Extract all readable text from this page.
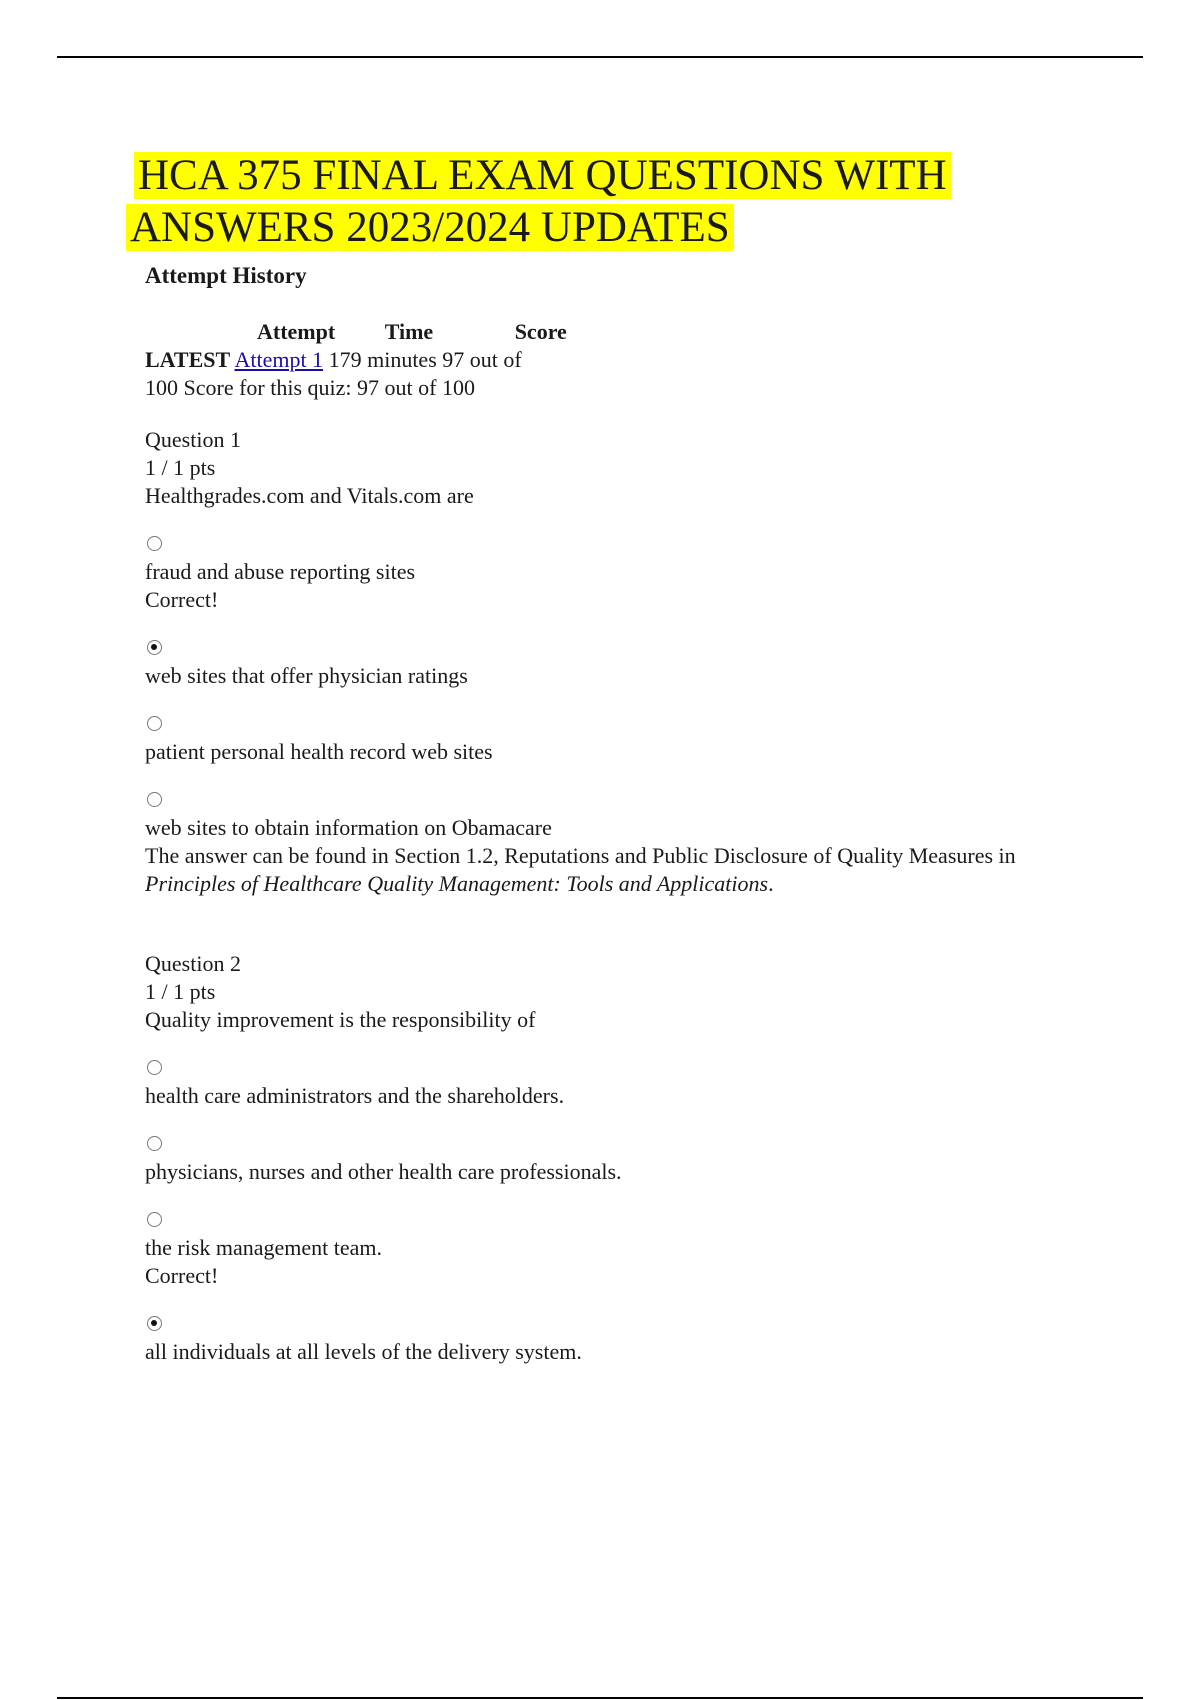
HCA 375 FINAL EXAM QUESTIONS WITH
ANSWERS 2023/2024 UPDATES
Attempt History
Attempt Time	Score
LATEST Attempt 1 179 minutes 97 out of
100 Score for this quiz: 97 out of 100
Question 1
1 / 1 pts
Healthgrades.com and Vitals.com are
fraud and abuse reporting sites
Correct!
web sites that offer physician ratings
patient personal health record web sites
web sites to obtain information on Obamacare
The answer can be found in Section 1.2, Reputations and Public Disclosure of Quality Measures in Principles of Healthcare Quality Management: Tools and Applications.
Question 2
1 / 1 pts
Quality improvement is the responsibility of
health care administrators and the shareholders.
physicians, nurses and other health care professionals.
the risk management team.
Correct!
all individuals at all levels of the delivery system.
